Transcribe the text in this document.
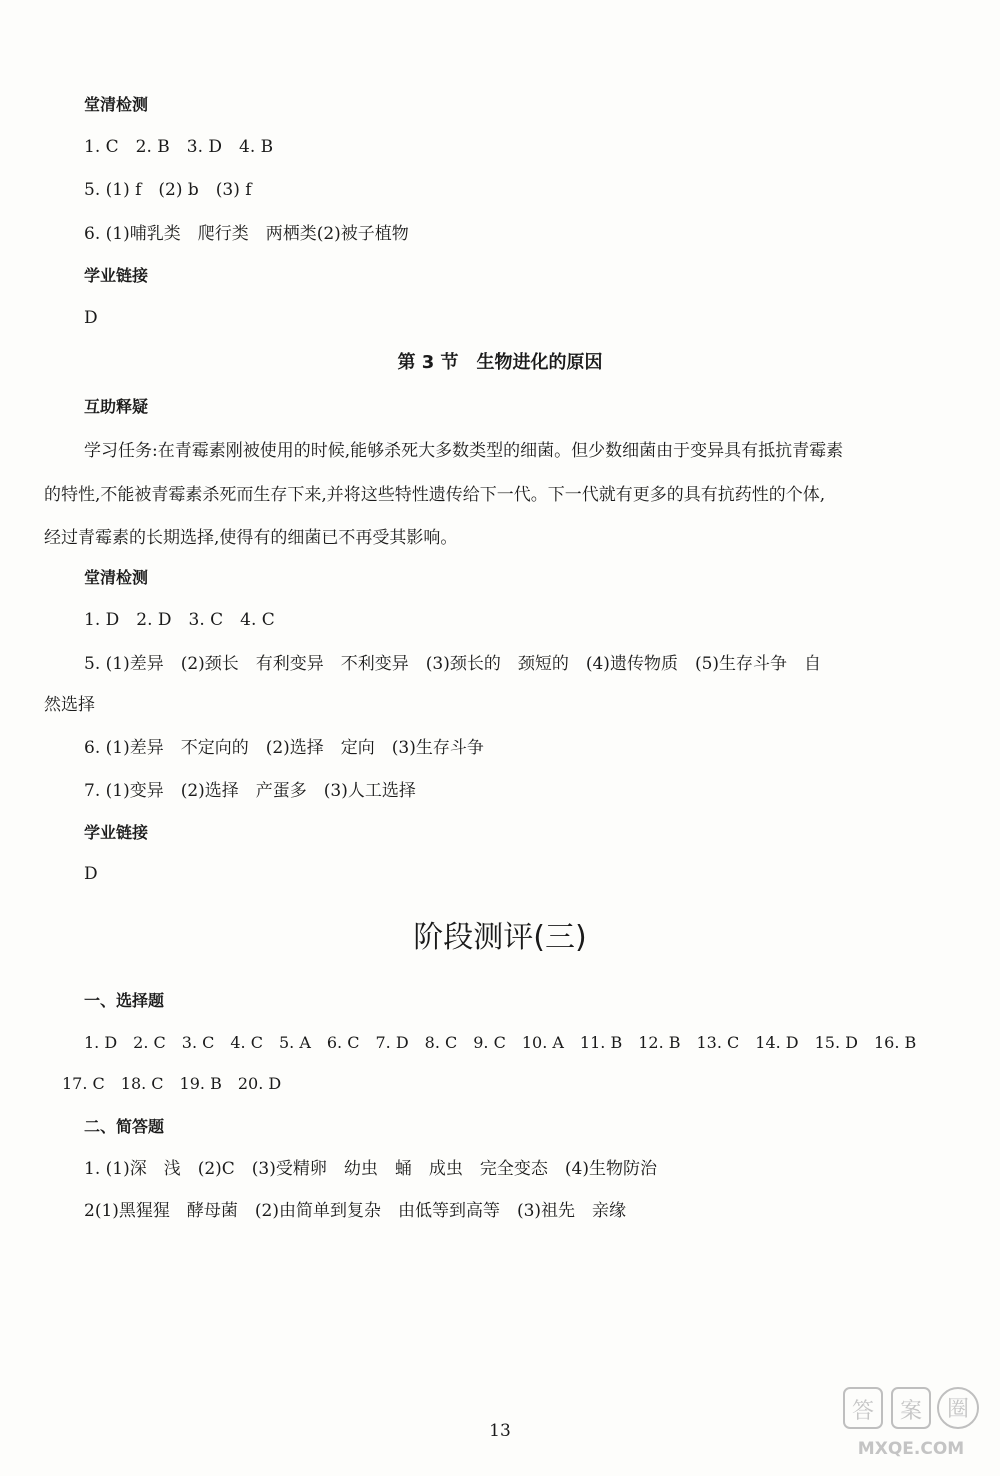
堂清检测
1. C　2. B　3. D　4. B
5. (1) f　(2) b　(3) f
6. (1)哺乳类　爬行类　两栖类(2)被子植物
学业链接
D
第 3 节　生物进化的原因
互助释疑
学习任务:在青霉素刚被使用的时候,能够杀死大多数类型的细菌。但少数细菌由于变异具有抵抗青霉素
的特性,不能被青霉素杀死而生存下来,并将这些特性遗传给下一代。下一代就有更多的具有抗药性的个体,
经过青霉素的长期选择,使得有的细菌已不再受其影响。
堂清检测
1. D　2. D　3. C　4. C
5. (1)差异　(2)颈长　有利变异　不利变异　(3)颈长的　颈短的　(4)遗传物质　(5)生存斗争　自
然选择
6. (1)差异　不定向的　(2)选择　定向　(3)生存斗争
7. (1)变异　(2)选择　产蛋多　(3)人工选择
学业链接
D
阶段测评(三)
一、选择题
1. D　2. C　3. C　4. C　5. A　6. C　7. D　8. C　9. C　10. A　11. B　12. B　13. C　14. D　15. D　16. B
17. C　18. C　19. B　20. D
二、简答题
1. (1)深　浅　(2)C　(3)受精卵　幼虫　蛹　成虫　完全变态　(4)生物防治
2(1)黑猩猩　酵母菌　(2)由简单到复杂　由低等到高等　(3)祖先　亲缘
13
答 案 圈
MXQE.COM
